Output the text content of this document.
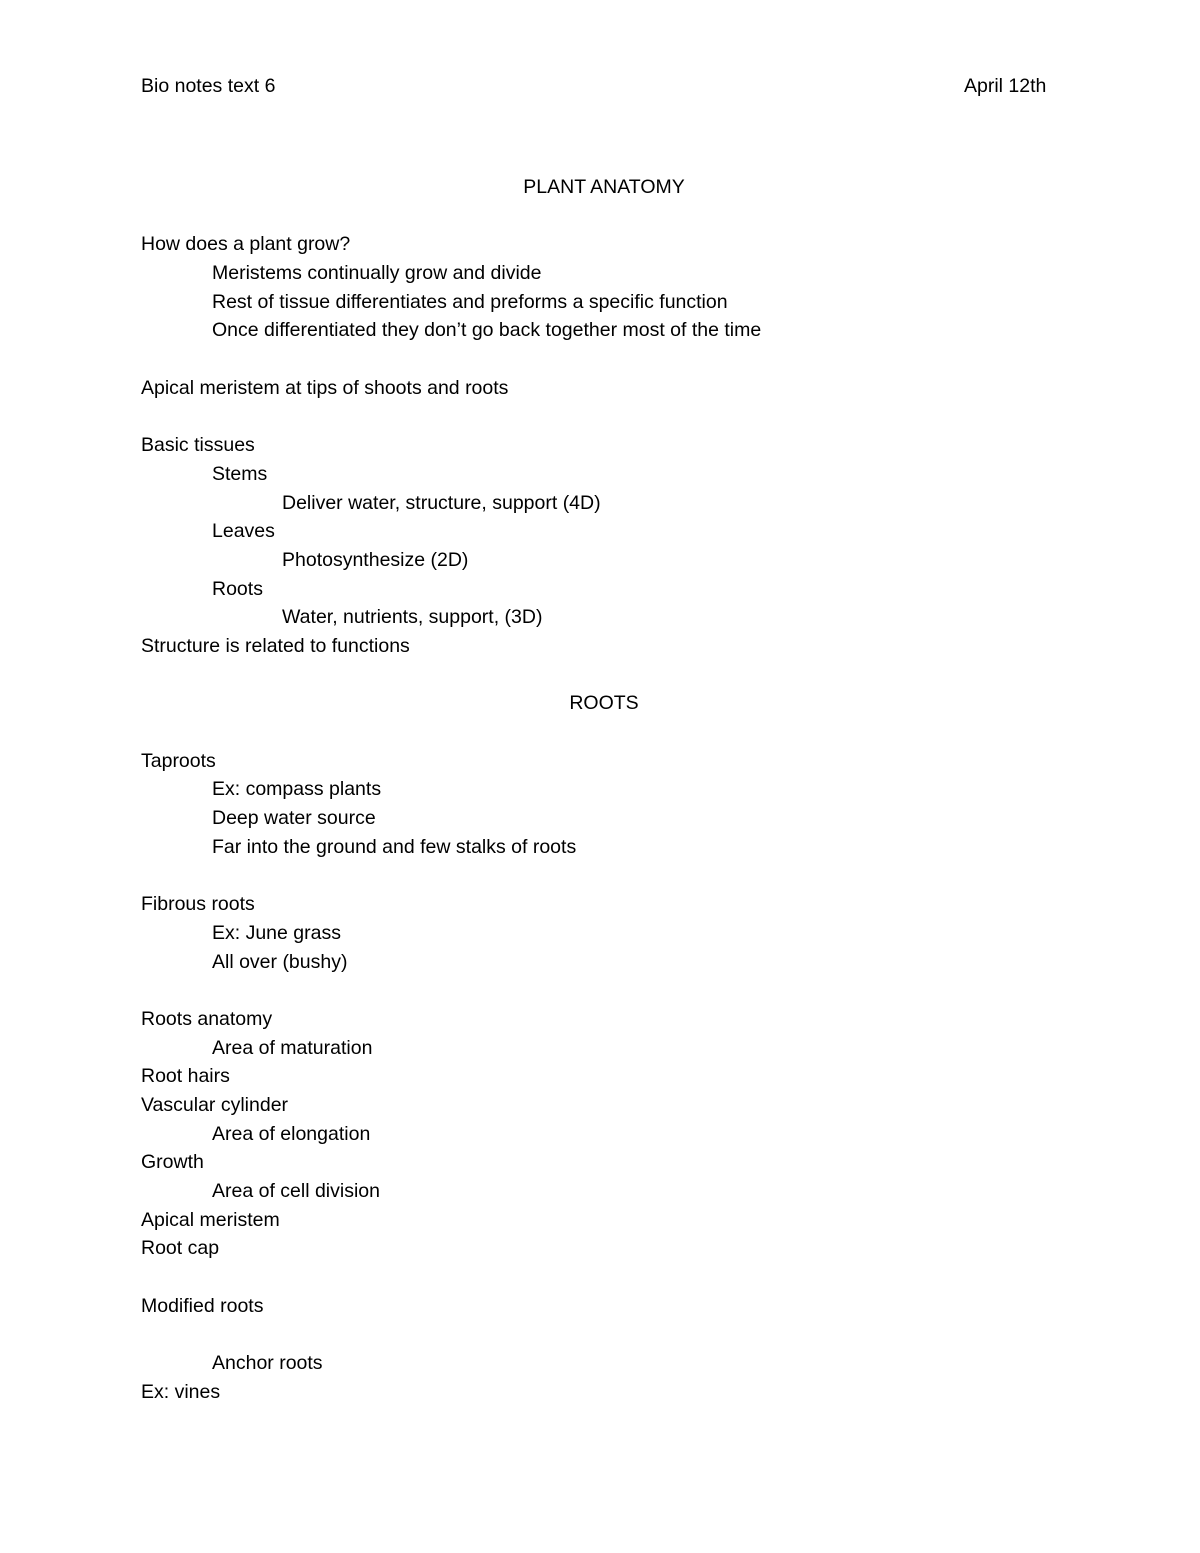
Bio notes text 6	April 12th
PLANT ANATOMY
How does a plant grow?
Meristems continually grow and divide
Rest of tissue differentiates and preforms a specific function
Once differentiated they don’t go back together most of the time
Apical meristem at tips of shoots and roots
Basic tissues
Stems
Deliver water, structure, support (4D)
Leaves
Photosynthesize (2D)
Roots
Water, nutrients, support, (3D)
Structure is related to functions
ROOTS
Taproots
Ex: compass plants
Deep water source
Far into the ground and few stalks of roots
Fibrous roots
Ex: June grass
All over (bushy)
Roots anatomy
Area of maturation
Root hairs
Vascular cylinder
Area of elongation
Growth
Area of cell division
Apical meristem
Root cap
Modified roots
Anchor roots
Ex: vines
